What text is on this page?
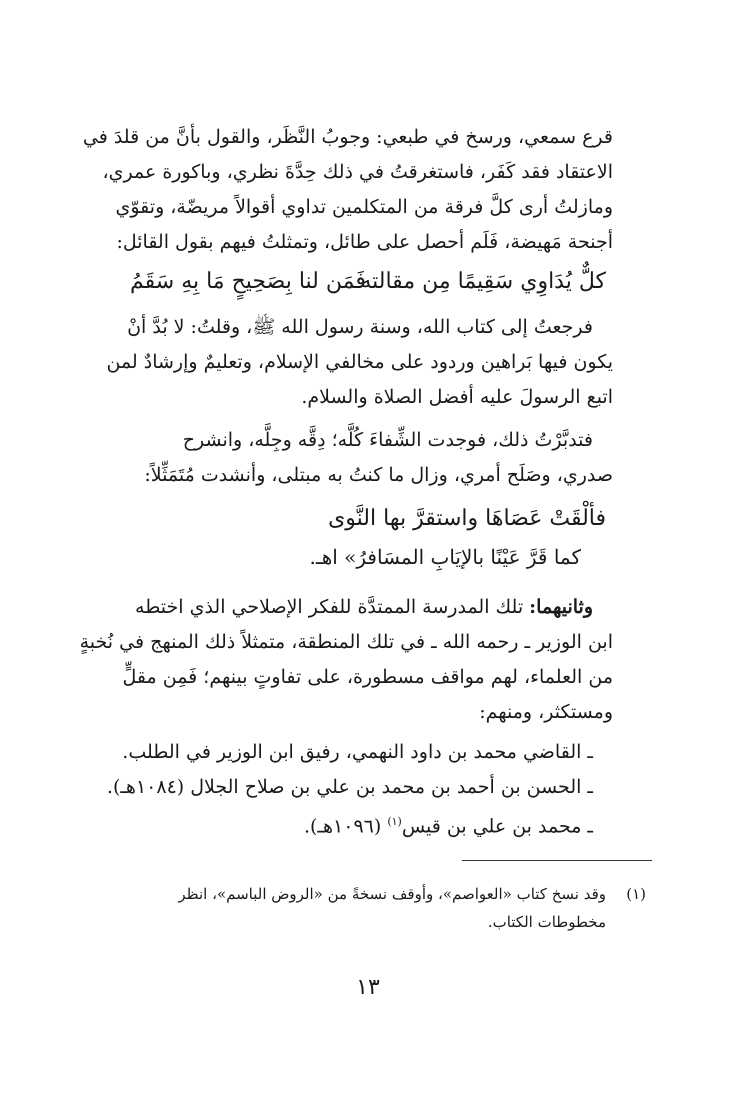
قرع سمعي، ورسخ في طبعي: وجوبُ النَّظَر، والقول بأنَّ من قلدَ في
الاعتقاد فقد كَفَر، فاستغرقتُ في ذلك حِدَّةَ نظري، وباكورة عمري،
ومازلتُ أرى كلَّ فرقة من المتكلمين تداوي أقوالاً مريضّة، وتقوّي
أجنحة مَهيضة، فَلَم أحصل على طائل، وتمثلتُ فيهم بقول القائل:
كلٌّ يُدَاوِي سَقِيمًا مِن مقالته
فَمَن لنا بِصَحِيحٍ مَا بِهِ سَقَمُ
فرجعتُ إلى كتاب الله، وسنة رسول الله ﷺ، وقلتُ: لا بُدَّ أنْ
يكون فيها بَراهين وردود على مخالفي الإسلام، وتعليمٌ وإرشادٌ لمن
اتبع الرسولَ عليه أفضل الصلاة والسلام.
فتدبَّرْتُ ذلك، فوجدت الشِّفاءَ كُلَّه؛ دِقَّه وجِلَّه، وانشرح
صدري، وصَلَح أمري، وزال ما كنتُ به مبتلى، وأنشدت مُتَمَثِّلاً:
فألْقَتْ عَصَاهَا واستقرَّ بها النَّوى
كما قَرَّ عَيْنًا بالإيَابِ المسَافرُ» اهـ.
وثانيهما: تلك المدرسة الممتدَّة للفكر الإصلاحي الذي اختطه
ابن الوزير ـ رحمه الله ـ في تلك المنطقة، متمثلاً ذلك المنهج في نُخبةٍ
من العلماء، لهم مواقف مسطورة، على تفاوتٍ بينهم؛ فَمِن مقلٍّ
ومستكثر، ومنهم:
ـ القاضي محمد بن داود النهمي، رفيق ابن الوزير في الطلب.
ـ الحسن بن أحمد بن محمد بن علي بن صلاح الجلال (١٠٨٤هـ).
ـ محمد بن علي بن قيس$^{(١)}$ (١٠٩٦هـ).
(١)
وقد نسخ كتاب «العواصم»، وأوقف نسخةً من «الروض الباسم»، انظر
مخطوطات الكتاب.
١٣
